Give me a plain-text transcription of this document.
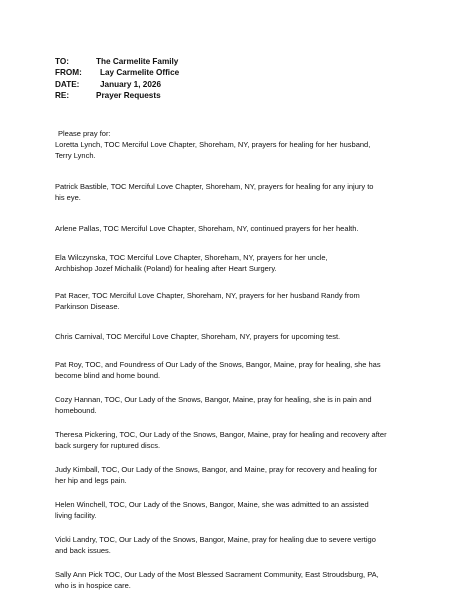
TO:	The Carmelite Family
FROM: Lay Carmelite Office
DATE:	January 1, 2026
RE:	Prayer Requests

Please pray for:

Loretta Lynch, TOC Merciful Love Chapter, Shoreham, NY, prayers for healing for her husband,
Terry Lynch.

Patrick Bastible, TOC Merciful Love Chapter, Shoreham, NY, prayers for healing for any injury to
his eye.

Arlene Pallas, TOC Merciful Love Chapter, Shoreham, NY, continued prayers for her health.

Ela Wilczynska, TOC Merciful Love Chapter, Shoreham, NY, prayers for her uncle,
Archbishop Jozef Michalik (Poland) for healing after Heart Surgery.

Pat Racer, TOC Merciful Love Chapter, Shoreham, NY, prayers for her husband Randy from
Parkinson Disease.

Chris Carnival, TOC Merciful Love Chapter, Shoreham, NY, prayers for upcoming test.

Pat Roy, TOC, and Foundress of Our Lady of the Snows, Bangor, Maine, pray for healing, she has
become blind and home bound.

Cozy Hannan, TOC, Our Lady of the Snows, Bangor, Maine, pray for healing, she is in pain and
homebound.

Theresa Pickering, TOC, Our Lady of the Snows, Bangor, Maine, pray for healing and recovery after
back surgery for ruptured discs.

Judy Kimball, TOC, Our Lady of the Snows, Bangor, and Maine, pray for recovery and healing for
her hip and legs pain.

Helen Winchell, TOC, Our Lady of the Snows, Bangor, Maine, she was admitted to an assisted
living facility.

Vicki Landry, TOC, Our Lady of the Snows, Bangor, Maine, pray for healing due to severe vertigo
and back issues.

Sally Ann Pick TOC, Our Lady of the Most Blessed Sacrament Community, East Stroudsburg, PA,
who is in hospice care.
